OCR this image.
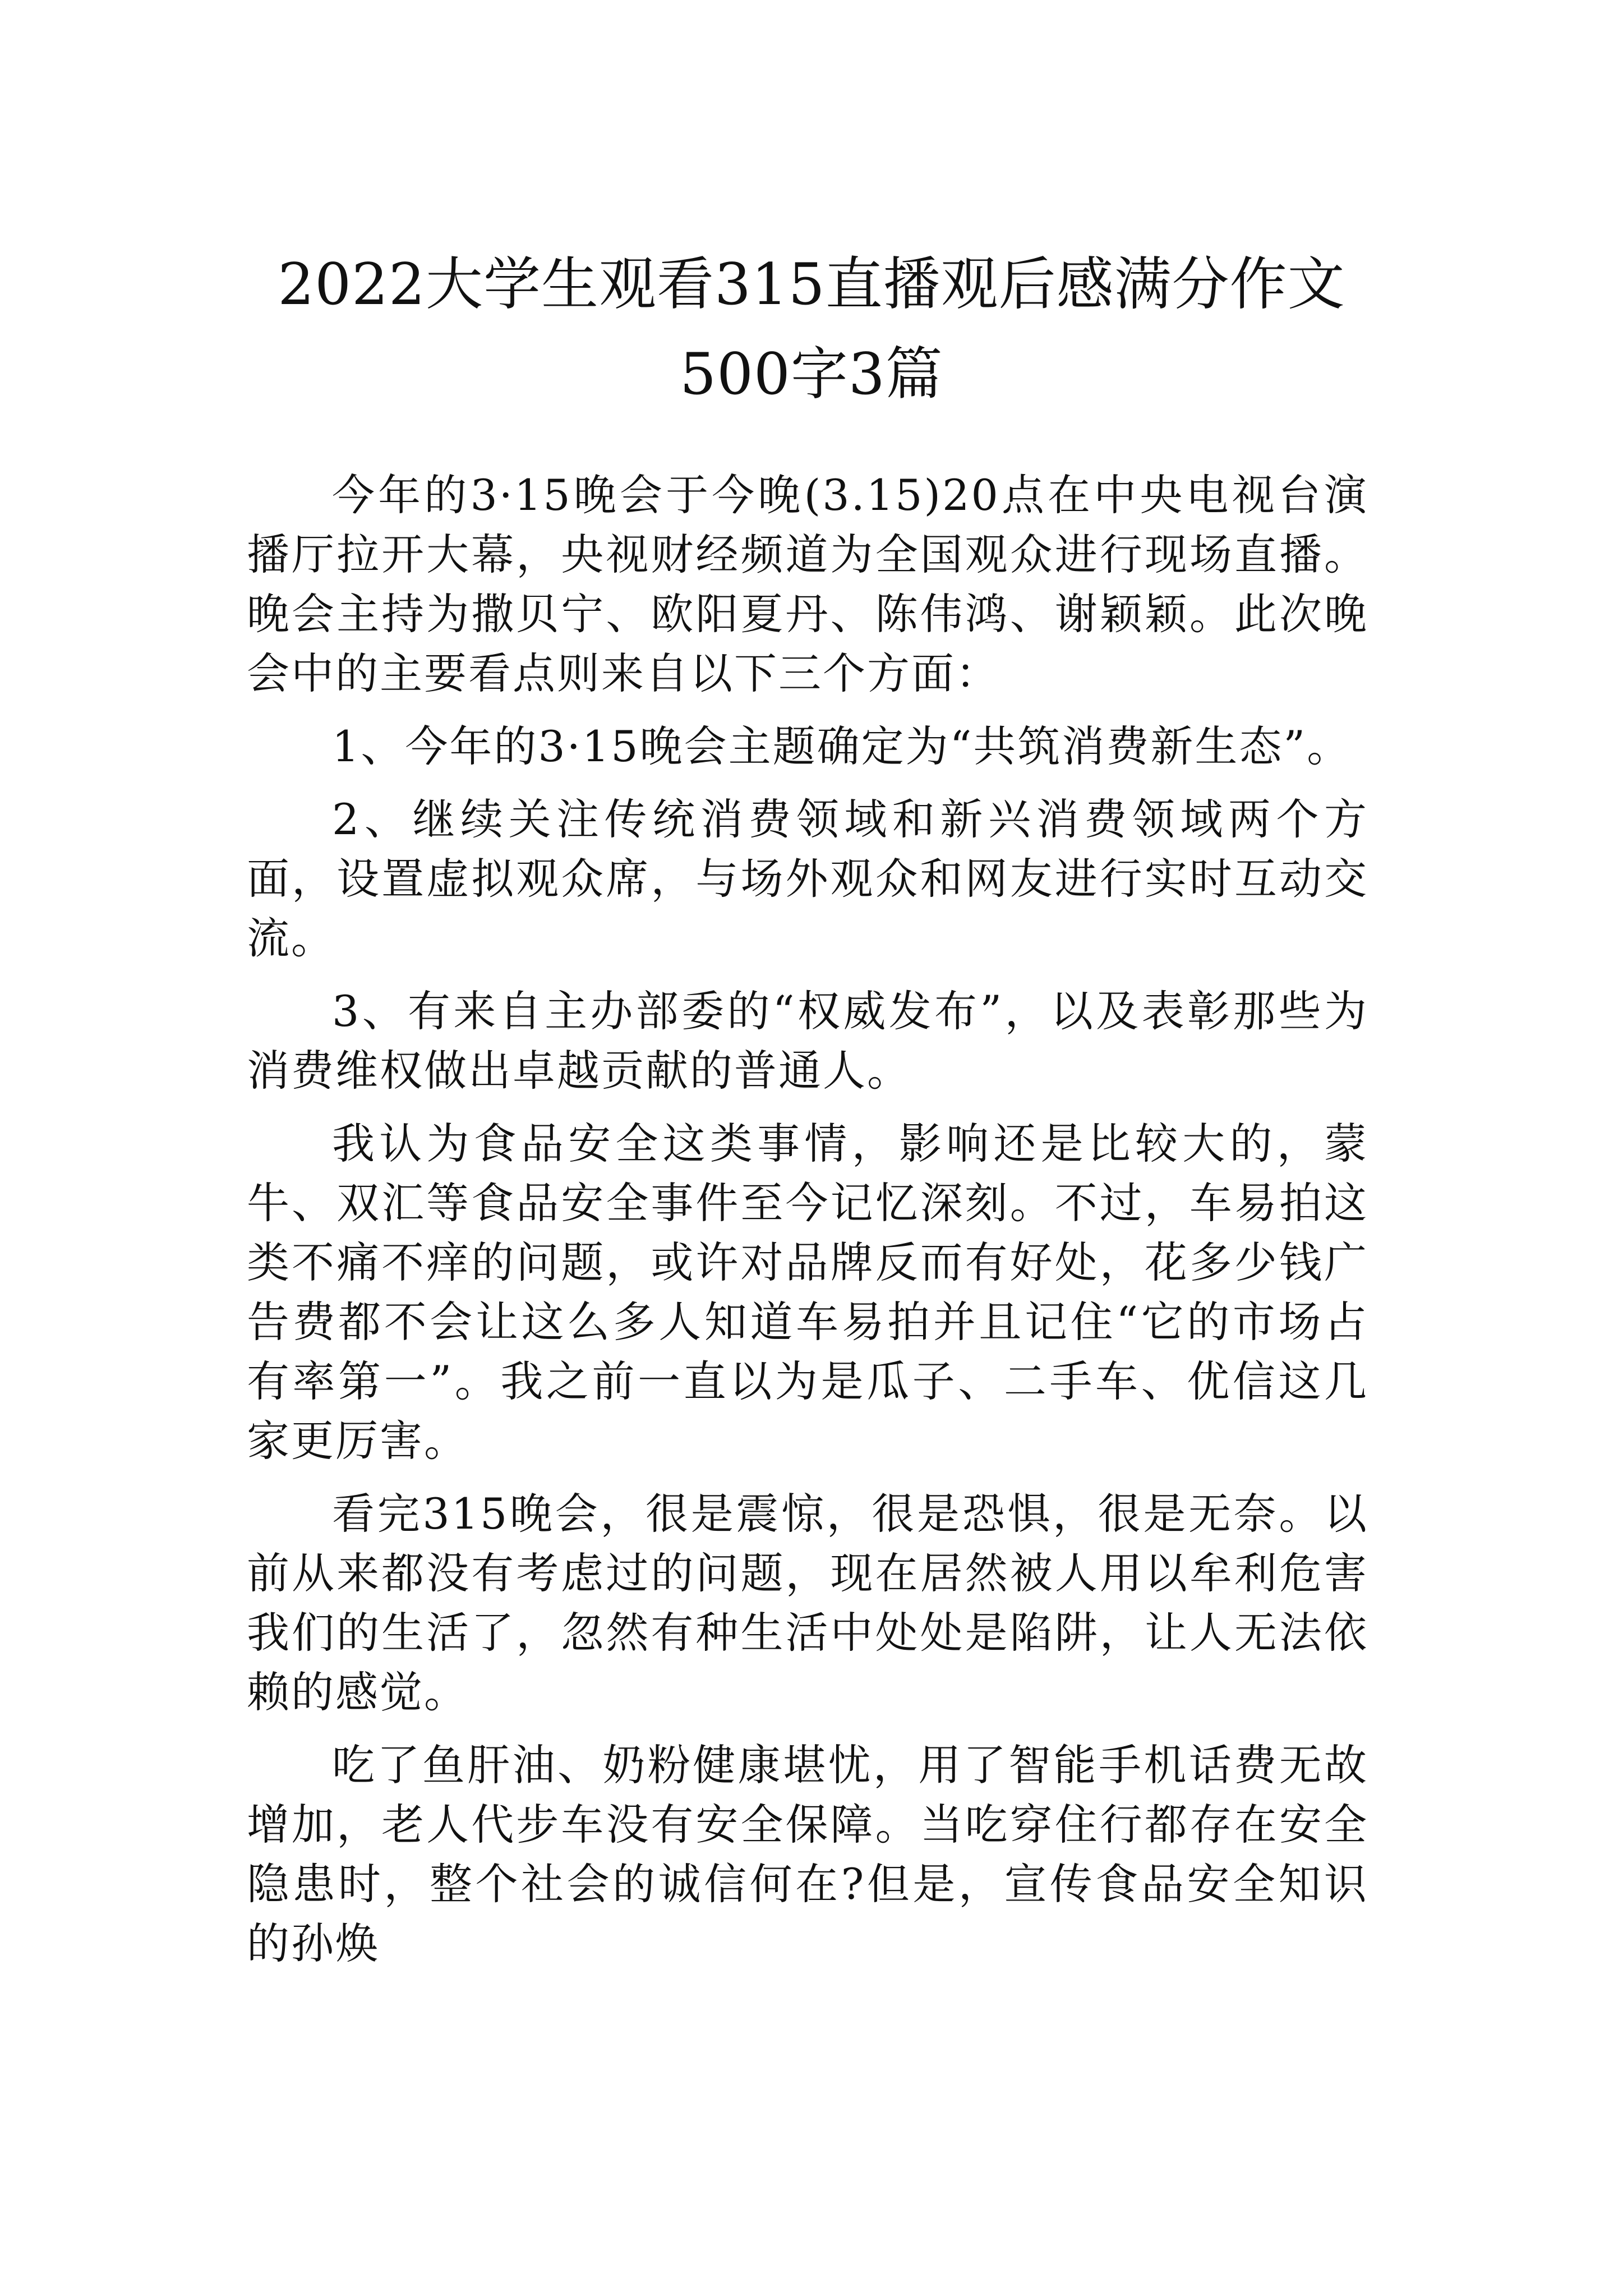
2022大学生观看315直播观后感满分作文
500字3篇

今年的3·15晚会于今晚(3.15)20点在中央电视台演播厅拉开大幕，央视财经频道为全国观众进行现场直播。晚会主持为撒贝宁、欧阳夏丹、陈伟鸿、谢颖颖。此次晚会中的主要看点则来自以下三个方面：

1、今年的3·15晚会主题确定为“共筑消费新生态”。

2、继续关注传统消费领域和新兴消费领域两个方面，设置虚拟观众席，与场外观众和网友进行实时互动交流。

3、有来自主办部委的“权威发布”，以及表彰那些为消费维权做出卓越贡献的普通人。

我认为食品安全这类事情，影响还是比较大的，蒙牛、双汇等食品安全事件至今记忆深刻。不过，车易拍这类不痛不痒的问题，或许对品牌反而有好处，花多少钱广告费都不会让这么多人知道车易拍并且记住“它的市场占有率第一”。我之前一直以为是瓜子、二手车、优信这几家更厉害。

看完315晚会，很是震惊，很是恐惧，很是无奈。以前从来都没有考虑过的问题，现在居然被人用以牟利危害我们的生活了，忽然有种生活中处处是陷阱，让人无法依赖的感觉。

吃了鱼肝油、奶粉健康堪忧，用了智能手机话费无故增加，老人代步车没有安全保障。当吃穿住行都存在安全隐患时，整个社会的诚信何在?但是，宣传食品安全知识的孙焕
